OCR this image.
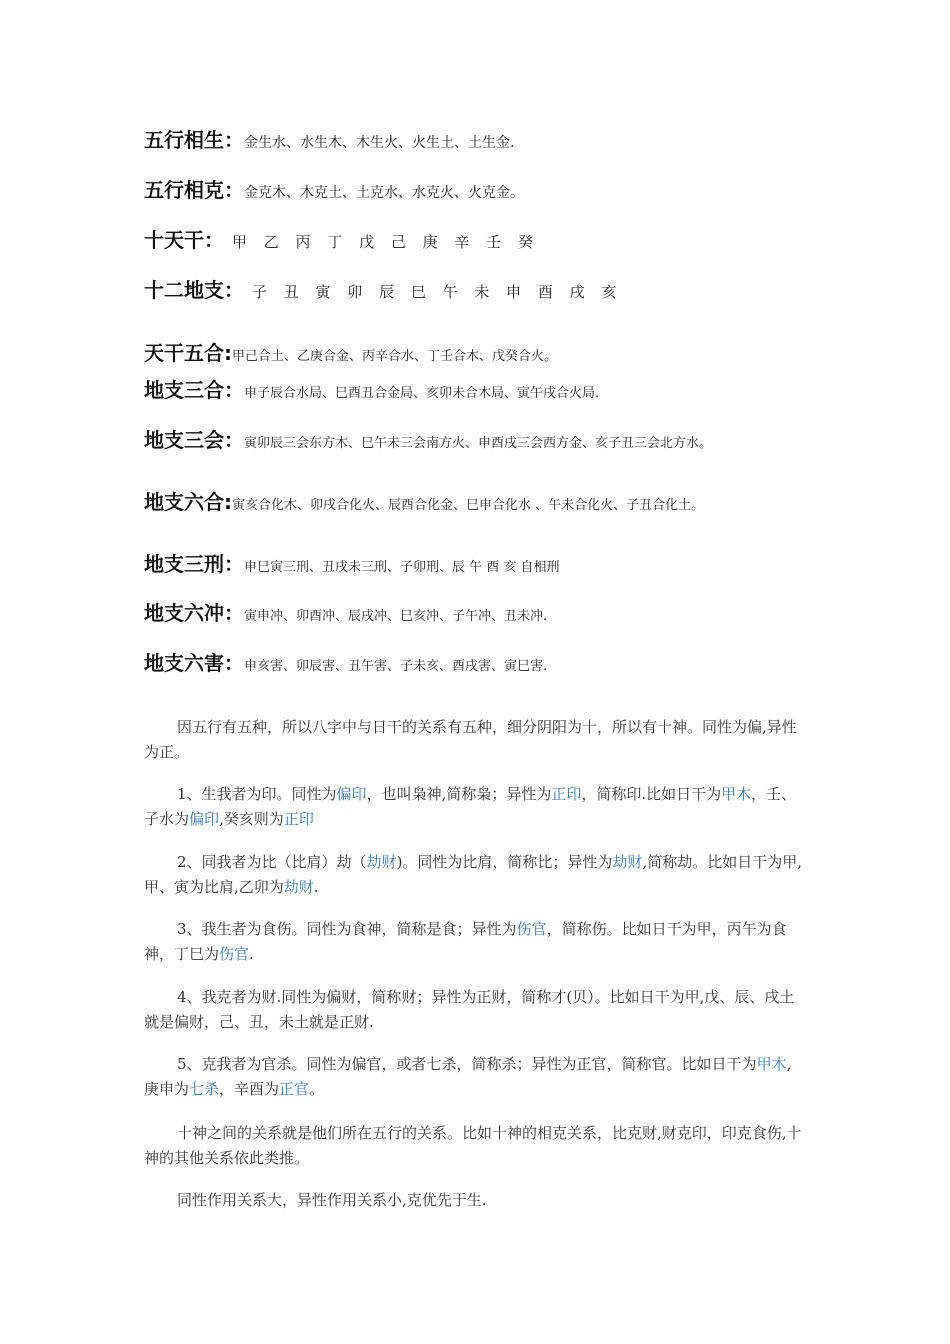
五行相生：金生水、水生木、木生火、火生土、土生金.
五行相克：金克木、木克土、土克水、水克火、火克金。
十天干： 甲 乙 丙 丁 戊 己 庚 辛 壬 癸
十二地支： 子 丑 寅 卯 辰 巳 午 未 申 酉 戌 亥
天干五合:甲己合土、乙庚合金、丙辛合水、丁壬合木、戊癸合火。
地支三合：申子辰合水局、巳酉丑合金局、亥卯未合木局、寅午戌合火局.
地支三会：寅卯辰三会东方木、巳午未三会南方火、申酉戌三会西方金、亥子丑三会北方水。
地支六合:寅亥合化木、卯戌合化火、辰酉合化金、巳申合化水 、午未合化火、子丑合化土。
地支三刑：申巳寅三刑、丑戌未三刑、子卯刑、辰 午 酉 亥 自相刑
地支六冲：寅申冲、卯酉冲、辰戌冲、巳亥冲、子午冲、丑未冲.
地支六害：申亥害、卯辰害、丑午害、子未亥、酉戌害、寅巳害.

因五行有五种，所以八字中与日干的关系有五种，细分阴阳为十，所以有十神。同性为偏,异性为正。

1、生我者为印。同性为偏印，也叫枭神,简称枭；异性为正印，简称印.比如日干为甲木，壬、子水为偏印,癸亥则为正印

2、同我者为比（比肩）劫（劫财)。同性为比肩，简称比；异性为劫财,简称劫。比如日干为甲,甲、寅为比肩,乙卯为劫财.

3、我生者为食伤。同性为食神，简称是食；异性为伤官，简称伤。比如日干为甲，丙午为食神，丁巳为伤官.

4、我克者为财.同性为偏财，简称财；异性为正财，简称才(贝）。比如日干为甲,戊、辰、戌土就是偏财，己、丑，未土就是正财.

5、克我者为官杀。同性为偏官，或者七杀，简称杀；异性为正官，简称官。比如日干为甲木,庚申为七杀，辛酉为正官。

十神之间的关系就是他们所在五行的关系。比如十神的相克关系，比克财,财克印，印克食伤,十神的其他关系依此类推。

同性作用关系大，异性作用关系小,克优先于生.
